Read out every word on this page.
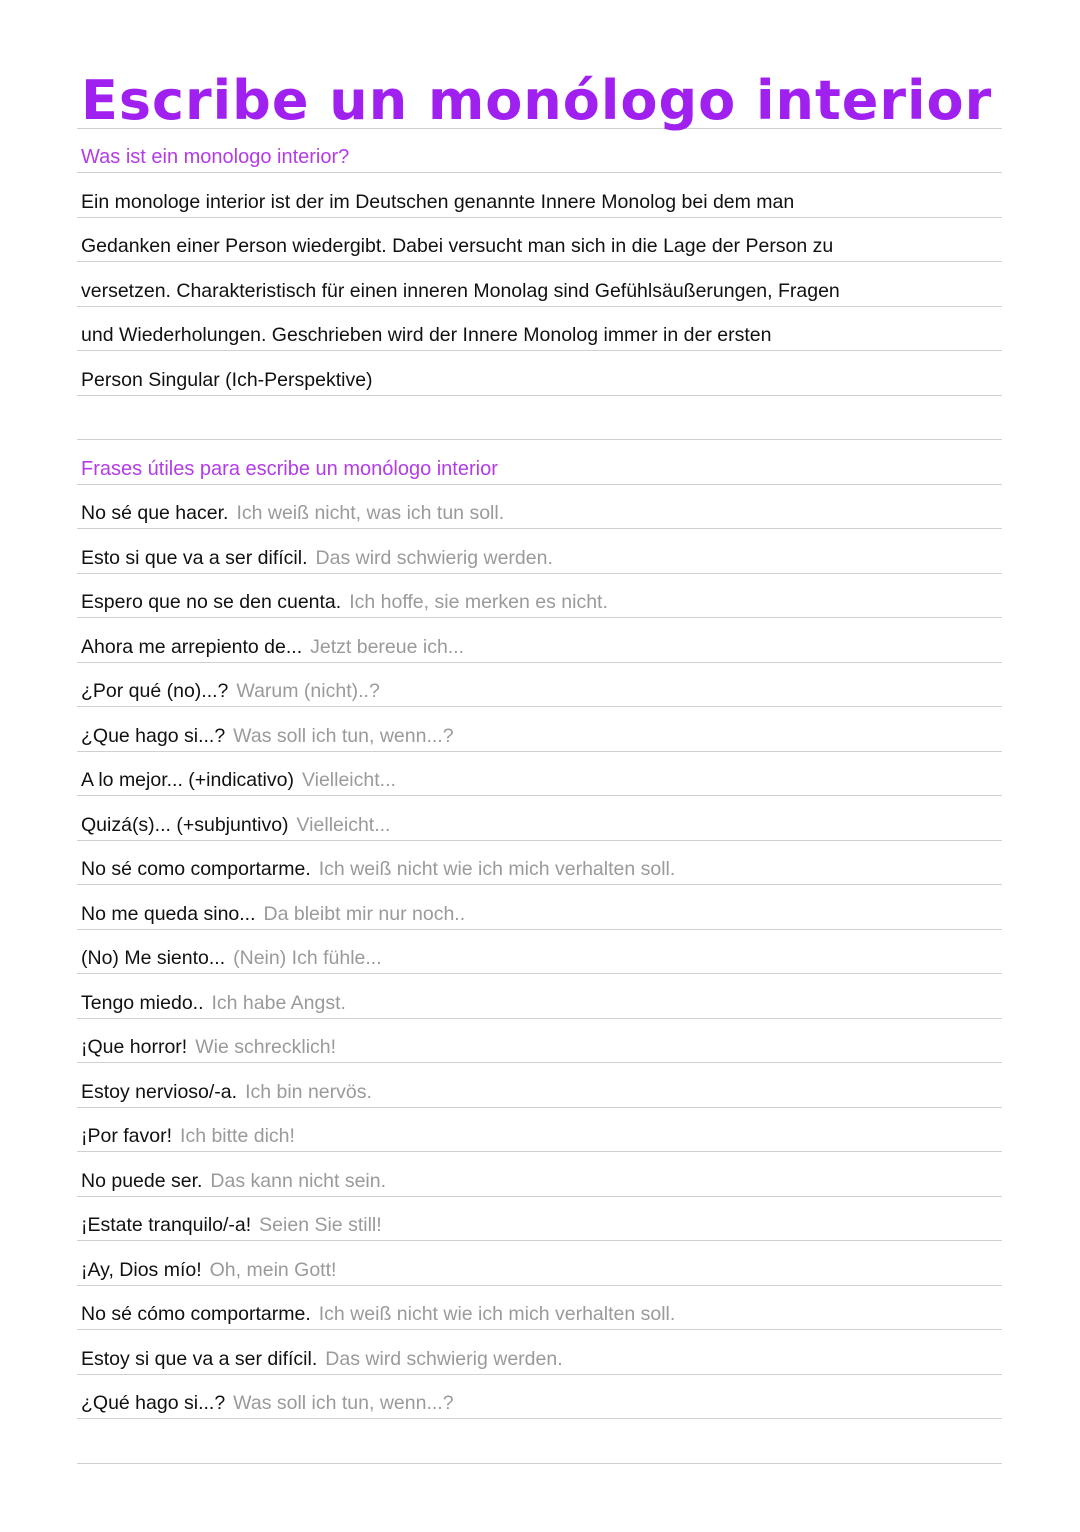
Escribe un monólogo interior
Was ist ein monologo interior?
Ein monologe interior ist der im Deutschen genannte Innere Monolog bei dem man
Gedanken einer Person wiedergibt. Dabei versucht man sich in die Lage der Person zu
versetzen. Charakteristisch für einen inneren Monolag sind Gefühlsäußerungen, Fragen
und Wiederholungen. Geschrieben wird der Innere Monolog immer in der ersten
Person Singular (Ich-Perspektive)
Frases útiles para escribe un monólogo interior
No sé que hacer. Ich weiß nicht, was ich tun soll.
Esto si que va a ser difícil. Das wird schwierig werden.
Espero que no se den cuenta. Ich hoffe, sie merken es nicht.
Ahora me arrepiento de... Jetzt bereue ich...
¿Por qué (no)...? Warum (nicht)..?
¿Que hago si...? Was soll ich tun, wenn...?
A lo mejor... (+indicativo) Vielleicht...
Quizá(s)... (+subjuntivo) Vielleicht...
No sé como comportarme. Ich weiß nicht wie ich mich verhalten soll.
No me queda sino... Da bleibt mir nur noch..
(No) Me siento... (Nein) Ich fühle...
Tengo miedo.. Ich habe Angst.
¡Que horror! Wie schrecklich!
Estoy nervioso/-a. Ich bin nervös.
¡Por favor! Ich bitte dich!
No puede ser. Das kann nicht sein.
¡Estate tranquilo/-a! Seien Sie still!
¡Ay, Dios mío! Oh, mein Gott!
No sé cómo comportarme. Ich weiß nicht wie ich mich verhalten soll.
Estoy si que va a ser difícil. Das wird schwierig werden.
¿Qué hago si...? Was soll ich tun, wenn...?
